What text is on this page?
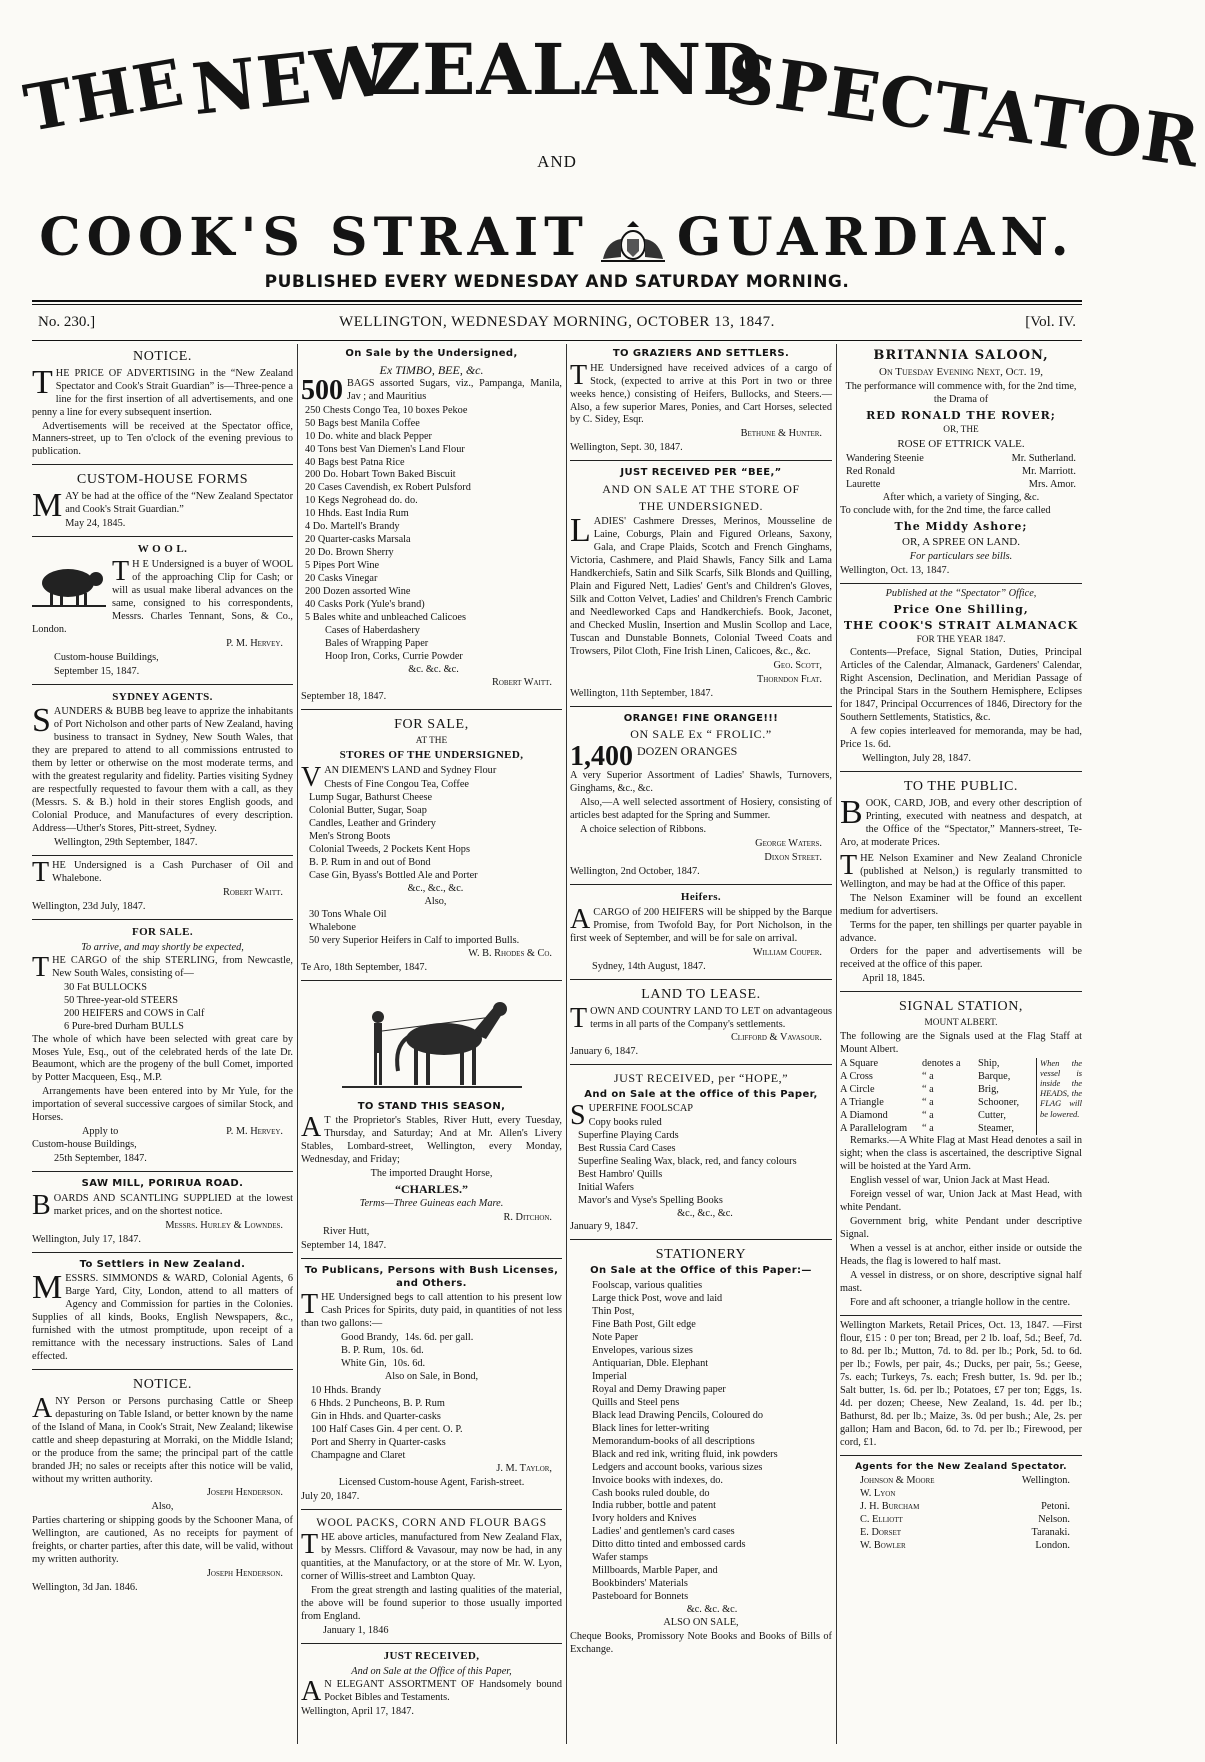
THE
NEW
ZEALAND
SPECTATOR
AND
COOK'S STRAIT GUARDIAN.
PUBLISHED EVERY WEDNESDAY AND SATURDAY MORNING.
No. 230.]	WELLINGTON, WEDNESDAY MORNING, OCTOBER 13, 1847.	[Vol. IV.
NOTICE.

THE PRICE OF ADVERTISING in the “New Zealand Spectator and Cook's Strait Guardian” is—Three-pence a line for the first insertion of all advertisements, and one penny a line for every subsequent insertion.

Advertisements will be received at the Spectator office, Manners-street, up to Ten o'clock of the evening previous to publication.

CUSTOM-HOUSE FORMS

MAY be had at the office of the “New Zealand Spectator and Cook's Strait Guardian.”

May 24, 1845.

W O O L.

T H E Undersigned is a buyer of WOOL of the approaching Clip for Cash; or will as usual make liberal advances on the same, consigned to his correspondents, Messrs. Charles Tennant, Sons, & Co., London.

P. M. Hervey.

Custom-house Buildings,

September 15, 1847.

SYDNEY AGENTS.

SAUNDERS & BUBB beg leave to apprize the inhabitants of Port Nicholson and other parts of New Zealand, having business to transact in Sydney, New South Wales, that they are prepared to attend to all commissions entrusted to them by letter or otherwise on the most moderate terms, and with the greatest regularity and fidelity. Parties visiting Sydney are respectfully requested to favour them with a call, as they (Messrs. S. & B.) hold in their stores English goods, and Colonial Produce, and Manufactures of every description. Address—Uther's Stores, Pitt-street, Sydney.

Wellington, 29th September, 1847.

THE Undersigned is a Cash Purchaser of Oil and Whalebone.

Robert Waitt.

Wellington, 23d July, 1847.

FOR SALE.
To arrive, and may shortly be expected,

THE CARGO of the ship STERLING, from Newcastle, New South Wales, consisting of—

30 Fat BULLOCKS

50 Three-year-old STEERS

200 HEIFERS and COWS in Calf

6 Pure-bred Durham BULLS

The whole of which have been selected with great care by Moses Yule, Esq., out of the celebrated herds of the late Dr. Beaumont, which are the progeny of the bull Comet, imported by Potter Macqueen, Esq., M.P.

Arrangements have been entered into by Mr Yule, for the importation of several successive cargoes of similar Stock, and Horses.

Apply to	P. M. Hervey.

Custom-house Buildings,

25th September, 1847.

SAW MILL, PORIRUA ROAD.

BOARDS AND SCANTLING SUPPLIED at the lowest market prices, and on the shortest notice.

Messrs. Hurley & Lowndes.

Wellington, July 17, 1847.

To Settlers in New Zealand.

MESSRS. SIMMONDS & WARD, Colonial Agents, 6 Barge Yard, City, London, attend to all matters of Agency and Commission for parties in the Colonies. Supplies of all kinds, Books, English Newspapers, &c., furnished with the utmost promptitude, upon receipt of a remittance with the necessary instructions. Sales of Land effected.

NOTICE.

ANY Person or Persons purchasing Cattle or Sheep depasturing on Table Island, or better known by the name of the Island of Mana, in Cook's Strait, New Zealand; likewise cattle and sheep depasturing at Morraki, on the Middle Island; or the produce from the same; the principal part of the cattle branded JH; no sales or receipts after this notice will be valid, without my written authority.

Joseph Henderson.

Also,

Parties chartering or shipping goods by the Schooner Mana, of Wellington, are cautioned, As no receipts for payment of freights, or charter parties, after this date, will be valid, without my written authority.

Joseph Henderson.

Wellington, 3d Jan. 1846.

On Sale by the Undersigned,
Ex TIMBO, BEE, &c.

500 BAGS assorted Sugars, viz., Pampanga, Manila, Jav ; and Mauritius

250 Chests Congo Tea, 10 boxes Pekoe

50 Bags best Manila Coffee

10 Do. white and black Pepper

40 Tons best Van Diemen's Land Flour

40 Bags best Patna Rice

200 Do. Hobart Town Baked Biscuit

20 Cases Cavendish, ex Robert Pulsford

10 Kegs Negrohead do. do.

10 Hhds. East India Rum

4 Do. Martell's Brandy

20 Quarter-casks Marsala

20 Do. Brown Sherry

5 Pipes Port Wine

20 Casks Vinegar

200 Dozen assorted Wine

40 Casks Pork (Yule's brand)

5 Bales white and unbleached Calicoes

Cases of Haberdashery

Bales of Wrapping Paper

Hoop Iron, Corks, Currie Powder

&c. &c. &c.

Robert Waitt.

September 18, 1847.

FOR SALE,
AT THE
STORES OF THE UNDERSIGNED,

VAN DIEMEN'S LAND and Sydney Flour

Chests of Fine Congou Tea, Coffee

Lump Sugar, Bathurst Cheese

Colonial Butter, Sugar, Soap

Candles, Leather and Grindery

Men's Strong Boots

Colonial Tweeds, 2 Pockets Kent Hops

B. P. Rum in and out of Bond

Case Gin, Byass's Bottled Ale and Porter

&c., &c., &c.

Also,

30 Tons Whale Oil

Whalebone

50 very Superior Heifers in Calf to imported Bulls.

W. B. Rhodes & Co.

Te Aro, 18th September, 1847.

TO STAND THIS SEASON,

A T the Proprietor's Stables, River Hutt, every Tuesday, Thursday, and Saturday; And at Mr. Allen's Livery Stables, Lombard-street, Wellington, every Monday, Wednesday, and Friday;

The imported Draught Horse,

“CHARLES.”

Terms—Three Guineas each Mare.

R. Ditchon.

River Hutt,

September 14, 1847.

To Publicans, Persons with Bush Licenses, and Others.

THE Undersigned begs to call attention to his present low Cash Prices for Spirits, duty paid, in quantities of not less than two gallons:—

Good Brandy, 14s. 6d. per gall.
B. P. Rum, 10s. 6d.
White Gin, 10s. 6d.

Also on Sale, in Bond,

10 Hhds. Brandy

6 Hhds. 2 Puncheons, B. P. Rum

Gin in Hhds. and Quarter-casks

100 Half Cases Gin. 4 per cent. O. P.

Port and Sherry in Quarter-casks

Champagne and Claret

J. M. Taylor,

Licensed Custom-house Agent, Farish-street.

July 20, 1847.

WOOL PACKS, CORN AND FLOUR BAGS

THE above articles, manufactured from New Zealand Flax, by Messrs. Clifford & Vavasour, may now be had, in any quantities, at the Manufactory, or at the store of Mr. W. Lyon, corner of Willis-street and Lambton Quay.

From the great strength and lasting qualities of the material, the above will be found superior to those usually imported from England.

January 1, 1846

JUST RECEIVED,
And on Sale at the Office of this Paper,

A N ELEGANT ASSORTMENT OF Handsomely bound Pocket Bibles and Testaments.

Wellington, April 17, 1847.

TO GRAZIERS AND SETTLERS.

THE Undersigned have received advices of a cargo of Stock, (expected to arrive at this Port in two or three weeks hence,) consisting of Heifers, Bullocks, and Steers.—Also, a few superior Mares, Ponies, and Cart Horses, selected by C. Sidey, Esqr.

Bethune & Hunter.

Wellington, Sept. 30, 1847.

JUST RECEIVED PER “BEE,”
AND ON SALE AT THE STORE OF
THE UNDERSIGNED.

LADIES' Cashmere Dresses, Merinos, Mousseline de Laine, Coburgs, Plain and Figured Orleans, Saxony, Gala, and Crape Plaids, Scotch and French Ginghams, Victoria, Cashmere, and Plaid Shawls, Fancy Silk and Lama Handkerchiefs, Satin and Silk Scarfs, Silk Blonds and Quilling, Plain and Figured Nett, Ladies' Gent's and Children's Gloves, Silk and Cotton Velvet, Ladies' and Children's French Cambric and Needleworked Caps and Handkerchiefs. Book, Jaconet, and Checked Muslin, Insertion and Muslin Scollop and Lace, Tuscan and Dunstable Bonnets, Colonial Tweed Coats and Trowsers, Pilot Cloth, Fine Irish Linen, Calicoes, &c., &c.

Geo. Scott,

Thorndon Flat.

Wellington, 11th September, 1847.

ORANGE! FINE ORANGE!!!
ON SALE Ex “ FROLIC.”

1,400 DOZEN ORANGES

A very Superior Assortment of Ladies' Shawls, Turnovers, Ginghams, &c., &c.

Also,—A well selected assortment of Hosiery, consisting of articles best adapted for the Spring and Summer.

A choice selection of Ribbons.

George Waters.

Dixon Street.

Wellington, 2nd October, 1847.

Heifers.

ACARGO of 200 HEIFERS will be shipped by the Barque Promise, from Twofold Bay, for Port Nicholson, in the first week of September, and will be for sale on arrival.

William Couper.

Sydney, 14th August, 1847.

LAND TO LEASE.

TOWN AND COUNTRY LAND TO LET on advantageous terms in all parts of the Company's settlements.

Clifford & Vavasour.

January 6, 1847.

JUST RECEIVED, per “HOPE,”
And on Sale at the office of this Paper,

SUPERFINE FOOLSCAP

Copy books ruled

Superfine Playing Cards

Best Russia Card Cases

Superfine Sealing Wax, black, red, and fancy colours

Best Hambro' Quills

Initial Wafers

Mavor's and Vyse's Spelling Books

&c., &c., &c.

January 9, 1847.

STATIONERY
On Sale at the Office of this Paper:—

Foolscap, various qualities

Large thick Post, wove and laid

Thin Post,

Fine Bath Post, Gilt edge

Note Paper

Envelopes, various sizes

Antiquarian, Dble. Elephant

Imperial

Royal and Demy Drawing paper

Quills and Steel pens

Black lead Drawing Pencils, Coloured do

Black lines for letter-writing

Memorandum-books of all descriptions

Black and red ink, writing fluid, ink powders

Ledgers and account books, various sizes

Invoice books with indexes, do.

Cash books ruled double, do

India rubber, bottle and patent

Ivory holders and Knives

Ladies' and gentlemen's card cases

Ditto ditto tinted and embossed cards

Wafer stamps

Millboards, Marble Paper, and

Bookbinders' Materials

Pasteboard for Bonnets

&c. &c. &c.

ALSO ON SALE,

Cheque Books, Promissory Note Books and Books of Bills of Exchange.

BRITANNIA SALOON,

On Tuesday Evening Next, Oct. 19,

The performance will commence with, for the 2nd time, the Drama of

RED RONALD THE ROVER;

OR, THE

ROSE OF ETTRICK VALE.

Wandering Steenie	Mr. Sutherland.
Red Ronald	Mr. Marriott.
Laurette	Mrs. Amor.

After which, a variety of Singing, &c.

To conclude with, for the 2nd time, the farce called

The Middy Ashore;

OR, A SPREE ON LAND.

For particulars see bills.

Wellington, Oct. 13, 1847.

Published at the “Spectator” Office,

Price One Shilling,

THE COOK'S STRAIT ALMANACK

FOR THE YEAR 1847.

Contents—Preface, Signal Station, Duties, Principal Articles of the Calendar, Almanack, Gardeners' Calendar, Right Ascension, Declination, and Meridian Passage of the Principal Stars in the Southern Hemisphere, Eclipses for 1847, Principal Occurrences of 1846, Directory for the Southern Settlements, Statistics, &c.

A few copies interleaved for memoranda, may be had, Price 1s. 6d.

Wellington, July 28, 1847.

TO THE PUBLIC.

BOOK, CARD, JOB, and every other description of Printing, executed with neatness and despatch, at the Office of the “Spectator,” Manners-street, Te-Aro, at moderate Prices.

THE Nelson Examiner and New Zealand Chronicle (published at Nelson,) is regularly transmitted to Wellington, and may be had at the Office of this paper.

The Nelson Examiner will be found an excellent medium for advertisers.

Terms for the paper, ten shillings per quarter payable in advance.

Orders for the paper and advertisements will be received at the office of this paper.

April 18, 1845.

SIGNAL STATION,

MOUNT ALBERT.

The following are the Signals used at the Flag Staff at Mount Albert.

A Square	denotes a	Ship,
A Cross	“ a	Barque,
A Circle	“ a	Brig,
A Triangle	“ a	Schooner,
A Diamond	“ a	Cutter,
A Parallelogram	“ a	Steamer,
When the vessel is inside the HEADS, the FLAG will be lowered.

Remarks.—A White Flag at Mast Head denotes a sail in sight; when the class is ascertained, the descriptive Signal will be hoisted at the Yard Arm.

English vessel of war, Union Jack at Mast Head.

Foreign vessel of war, Union Jack at Mast Head, with white Pendant.

Government brig, white Pendant under descriptive Signal.

When a vessel is at anchor, either inside or outside the Heads, the flag is lowered to half mast.

A vessel in distress, or on shore, descriptive signal half mast.

Fore and aft schooner, a triangle hollow in the centre.

Wellington Markets, Retail Prices, Oct. 13, 1847. —First flour, £15 : 0 per ton; Bread, per 2 lb. loaf, 5d.; Beef, 7d. to 8d. per lb.; Mutton, 7d. to 8d. per lb.; Pork, 5d. to 6d. per lb.; Fowls, per pair, 4s.; Ducks, per pair, 5s.; Geese, 7s. each; Turkeys, 7s. each; Fresh butter, 1s. 9d. per lb.; Salt butter, 1s. 6d. per lb.; Potatoes, £7 per ton; Eggs, 1s. 4d. per dozen; Cheese, New Zealand, 1s. 4d. per lb.; Bathurst, 8d. per lb.; Maize, 3s. 0d per bush.; Ale, 2s. per gallon; Ham and Bacon, 6d. to 7d. per lb.; Firewood, per cord, £1.

Agents for the New Zealand Spectator.
Johnson & Moore	Wellington.
W. Lyon
J. H. Burcham	Petoni.
C. Elliott	Nelson.
E. Dorset	Taranaki.
W. Bowler	London.
